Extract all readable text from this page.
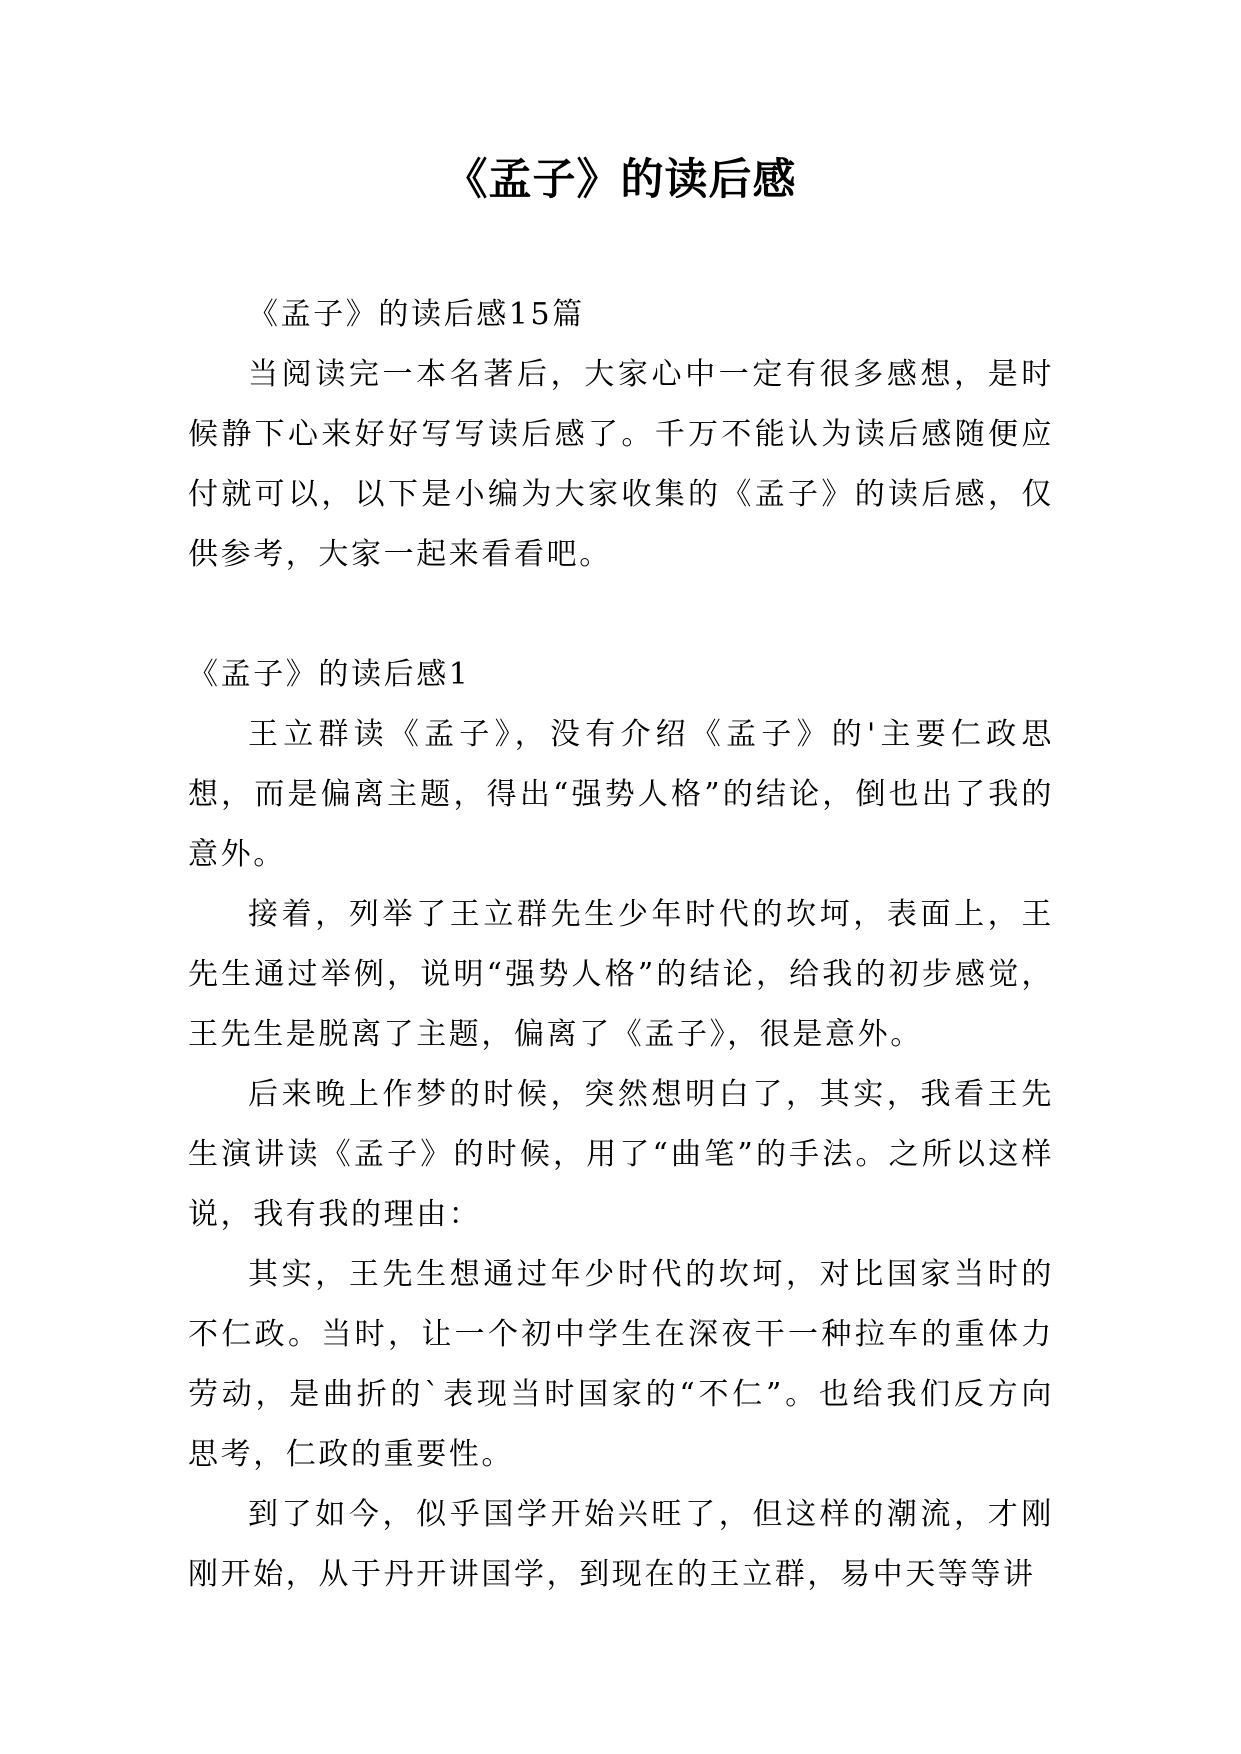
《孟子》的读后感

《孟子》的读后感15篇

当阅读完一本名著后，大家心中一定有很多感想，是时候静下心来好好写写读后感了。千万不能认为读后感随便应付就可以，以下是小编为大家收集的《孟子》的读后感，仅供参考，大家一起来看看吧。

《孟子》的读后感1

王立群读《孟子》，没有介绍《孟子》的'主要仁政思想，而是偏离主题，得出“强势人格”的结论，倒也出了我的意外。

接着，列举了王立群先生少年时代的坎坷，表面上，王先生通过举例，说明“强势人格”的结论，给我的初步感觉，王先生是脱离了主题，偏离了《孟子》，很是意外。

后来晚上作梦的时候，突然想明白了，其实，我看王先生演讲读《孟子》的时候，用了“曲笔”的手法。之所以这样说，我有我的理由：

其实，王先生想通过年少时代的坎坷，对比国家当时的不仁政。当时，让一个初中学生在深夜干一种拉车的重体力劳动，是曲折的`表现当时国家的“不仁”。也给我们反方向思考，仁政的重要性。

到了如今，似乎国学开始兴旺了，但这样的潮流，才刚刚开始，从于丹开讲国学，到现在的王立群，易中天等等讲
